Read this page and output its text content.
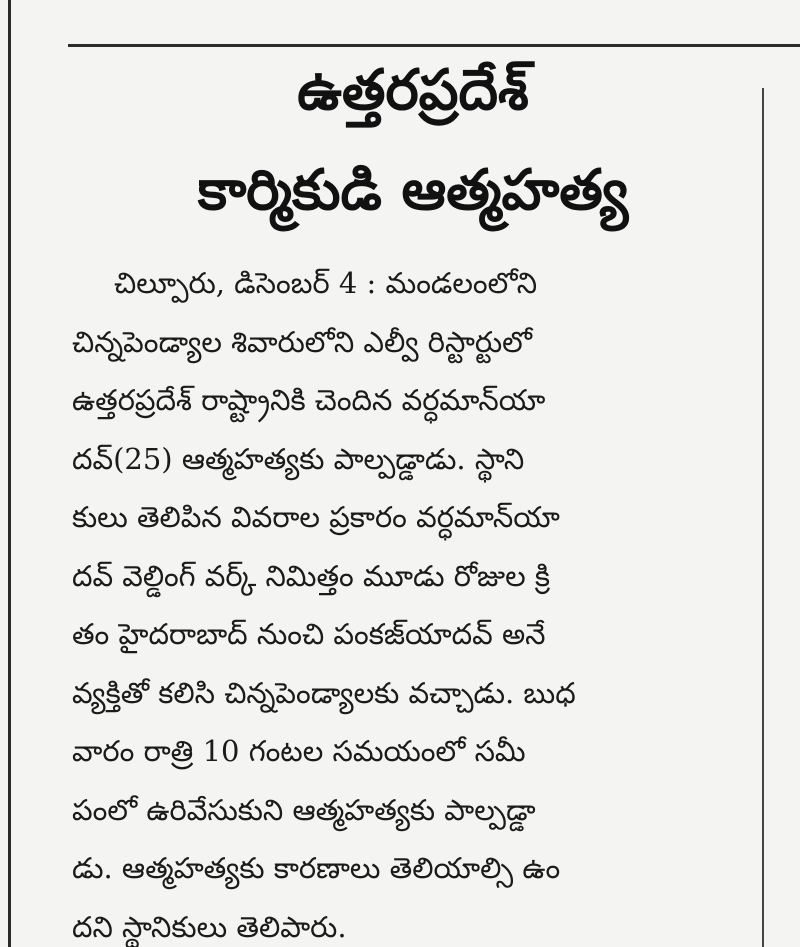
ఉత్తరప్రదేశ్
కార్మికుడి ఆత్మహత్య
చిల్పూరు, డిసెంబర్ 4 : మండలంలోని
చిన్నపెండ్యాల శివారులోని ఎల్వీ రిస్టార్టులో
ఉత్తరప్రదేశ్ రాష్ట్రానికి చెందిన వర్ధమాన్‌యా
దవ్(25) ఆత్మహత్యకు పాల్పడ్డాడు. స్థాని
కులు తెలిపిన వివరాల ప్రకారం వర్ధమాన్‌యా
దవ్ వెల్డింగ్ వర్క్ నిమిత్తం మూడు రోజుల క్రి
తం హైదరాబాద్ నుంచి పంకజ్‌యాదవ్ అనే
వ్యక్తితో కలిసి చిన్నపెండ్యాలకు వచ్చాడు. బుధ
వారం రాత్రి 10 గంటల సమయంలో సమీ
పంలో ఉరివేసుకుని ఆత్మహత్యకు పాల్పడ్డా
డు. ఆత్మహత్యకు కారణాలు తెలియాల్సి ఉం
దని స్థానికులు తెలిపారు.
